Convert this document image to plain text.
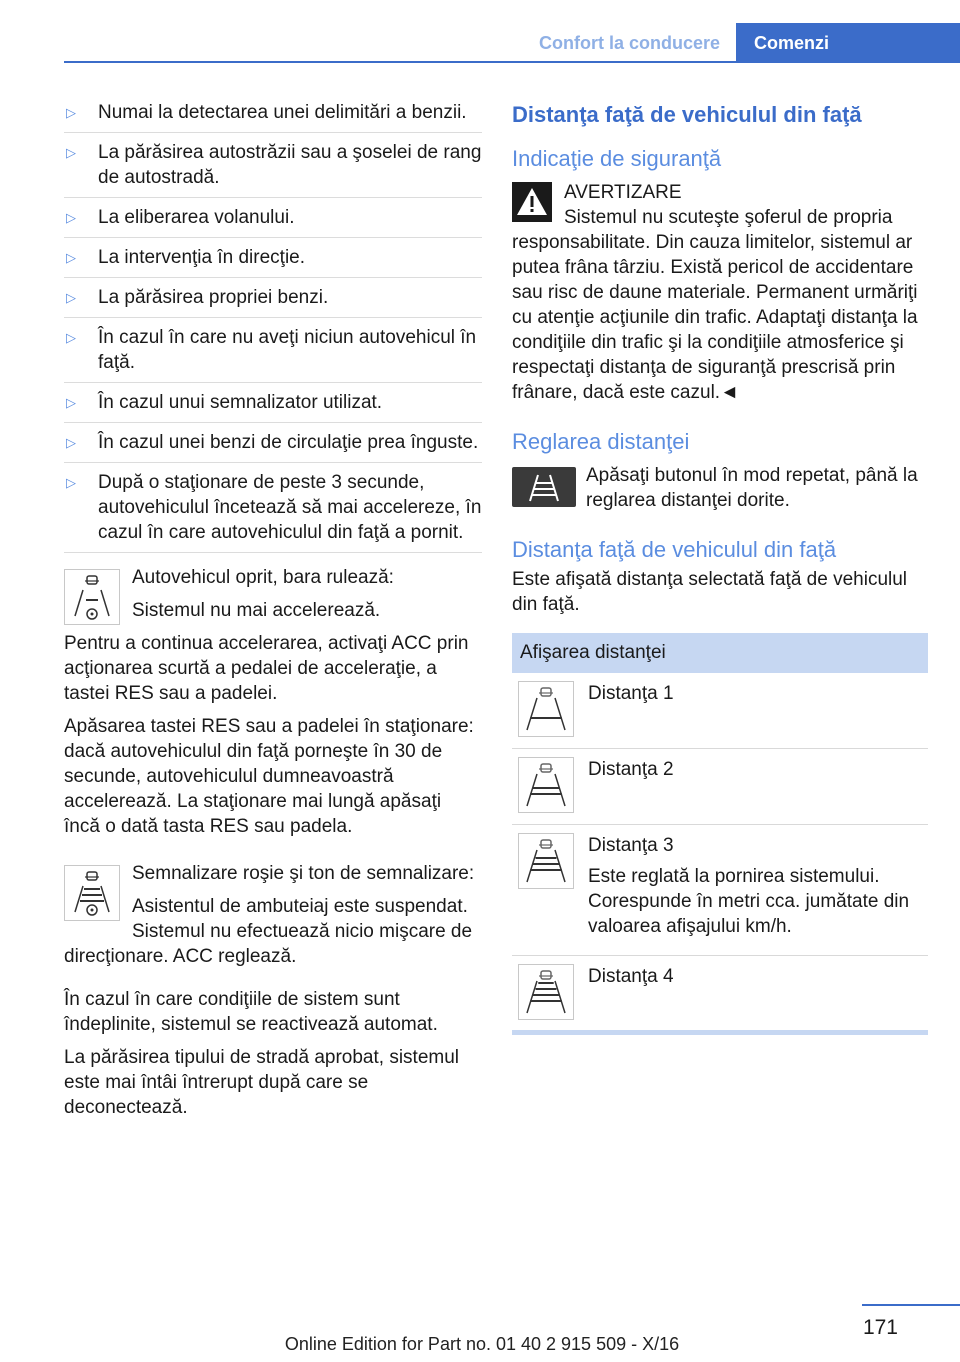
Confort la conducere	Comenzi
▷ Numai la detectarea unei delimitări a benzii.
▷ La părăsirea autostrăzii sau a şoselei de rang de autostradă.
▷ La eliberarea volanului.
▷ La intervenţia în direcţie.
▷ La părăsirea propriei benzi.
▷ În cazul în care nu aveţi niciun autovehicul în faţă.
▷ În cazul unui semnalizator utilizat.
▷ În cazul unei benzi de circulaţie prea înguste.
▷ După o staţionare de peste 3 secunde, autovehiculul încetează să mai accelereze, în cazul în care autovehiculul din faţă a pornit.

Autovehicul oprit, bara rulează:

Sistemul nu mai accelerează.

Pentru a continua accelerarea, activaţi ACC prin acţionarea scurtă a pedalei de acceleraţie, a tastei RES sau a padelei.

Apăsarea tastei RES sau a padelei în staţionare: dacă autovehiculul din faţă porneşte în 30 de secunde, autovehiculul dumneavoastră accelerează. La staţionare mai lungă apăsaţi încă o dată tasta RES sau padela.

Semnalizare roşie şi ton de semnalizare:

Asistentul de ambuteiaj este suspendat. Sistemul nu efectuează nicio mişcare de direcţionare. ACC reglează.

În cazul în care condiţiile de sistem sunt îndeplinite, sistemul se reactivează automat.

La părăsirea tipului de stradă aprobat, sistemul este mai întâi întrerupt după care se deconectează.

Distanţa faţă de vehiculul din faţă
Indicaţie de siguranţă

AVERTIZARE

Sistemul nu scuteşte şoferul de propria responsabilitate. Din cauza limitelor, sistemul ar putea frâna târziu. Există pericol de accidentare sau risc de daune materiale. Permanent urmăriţi cu atenţie acţiunile din trafic. Adaptaţi distanţa la condiţiile din trafic şi la condiţiile atmosferice şi respectaţi distanţa de siguranţă prescrisă prin frânare, dacă este cazul.◄

Reglarea distanţei

Apăsaţi butonul în mod repetat, până la reglarea distanţei dorite.

Distanţa faţă de vehiculul din faţă

Este afişată distanţa selectată faţă de vehiculul din faţă.

Afişarea distanţei

Distanţa 1

Distanţa 2

Distanţa 3

Este reglată la pornirea sistemului. Corespunde în metri cca. jumătate din valoarea afişajului km/h.

Distanţa 4

171
Online Edition for Part no. 01 40 2 915 509 - X/16
